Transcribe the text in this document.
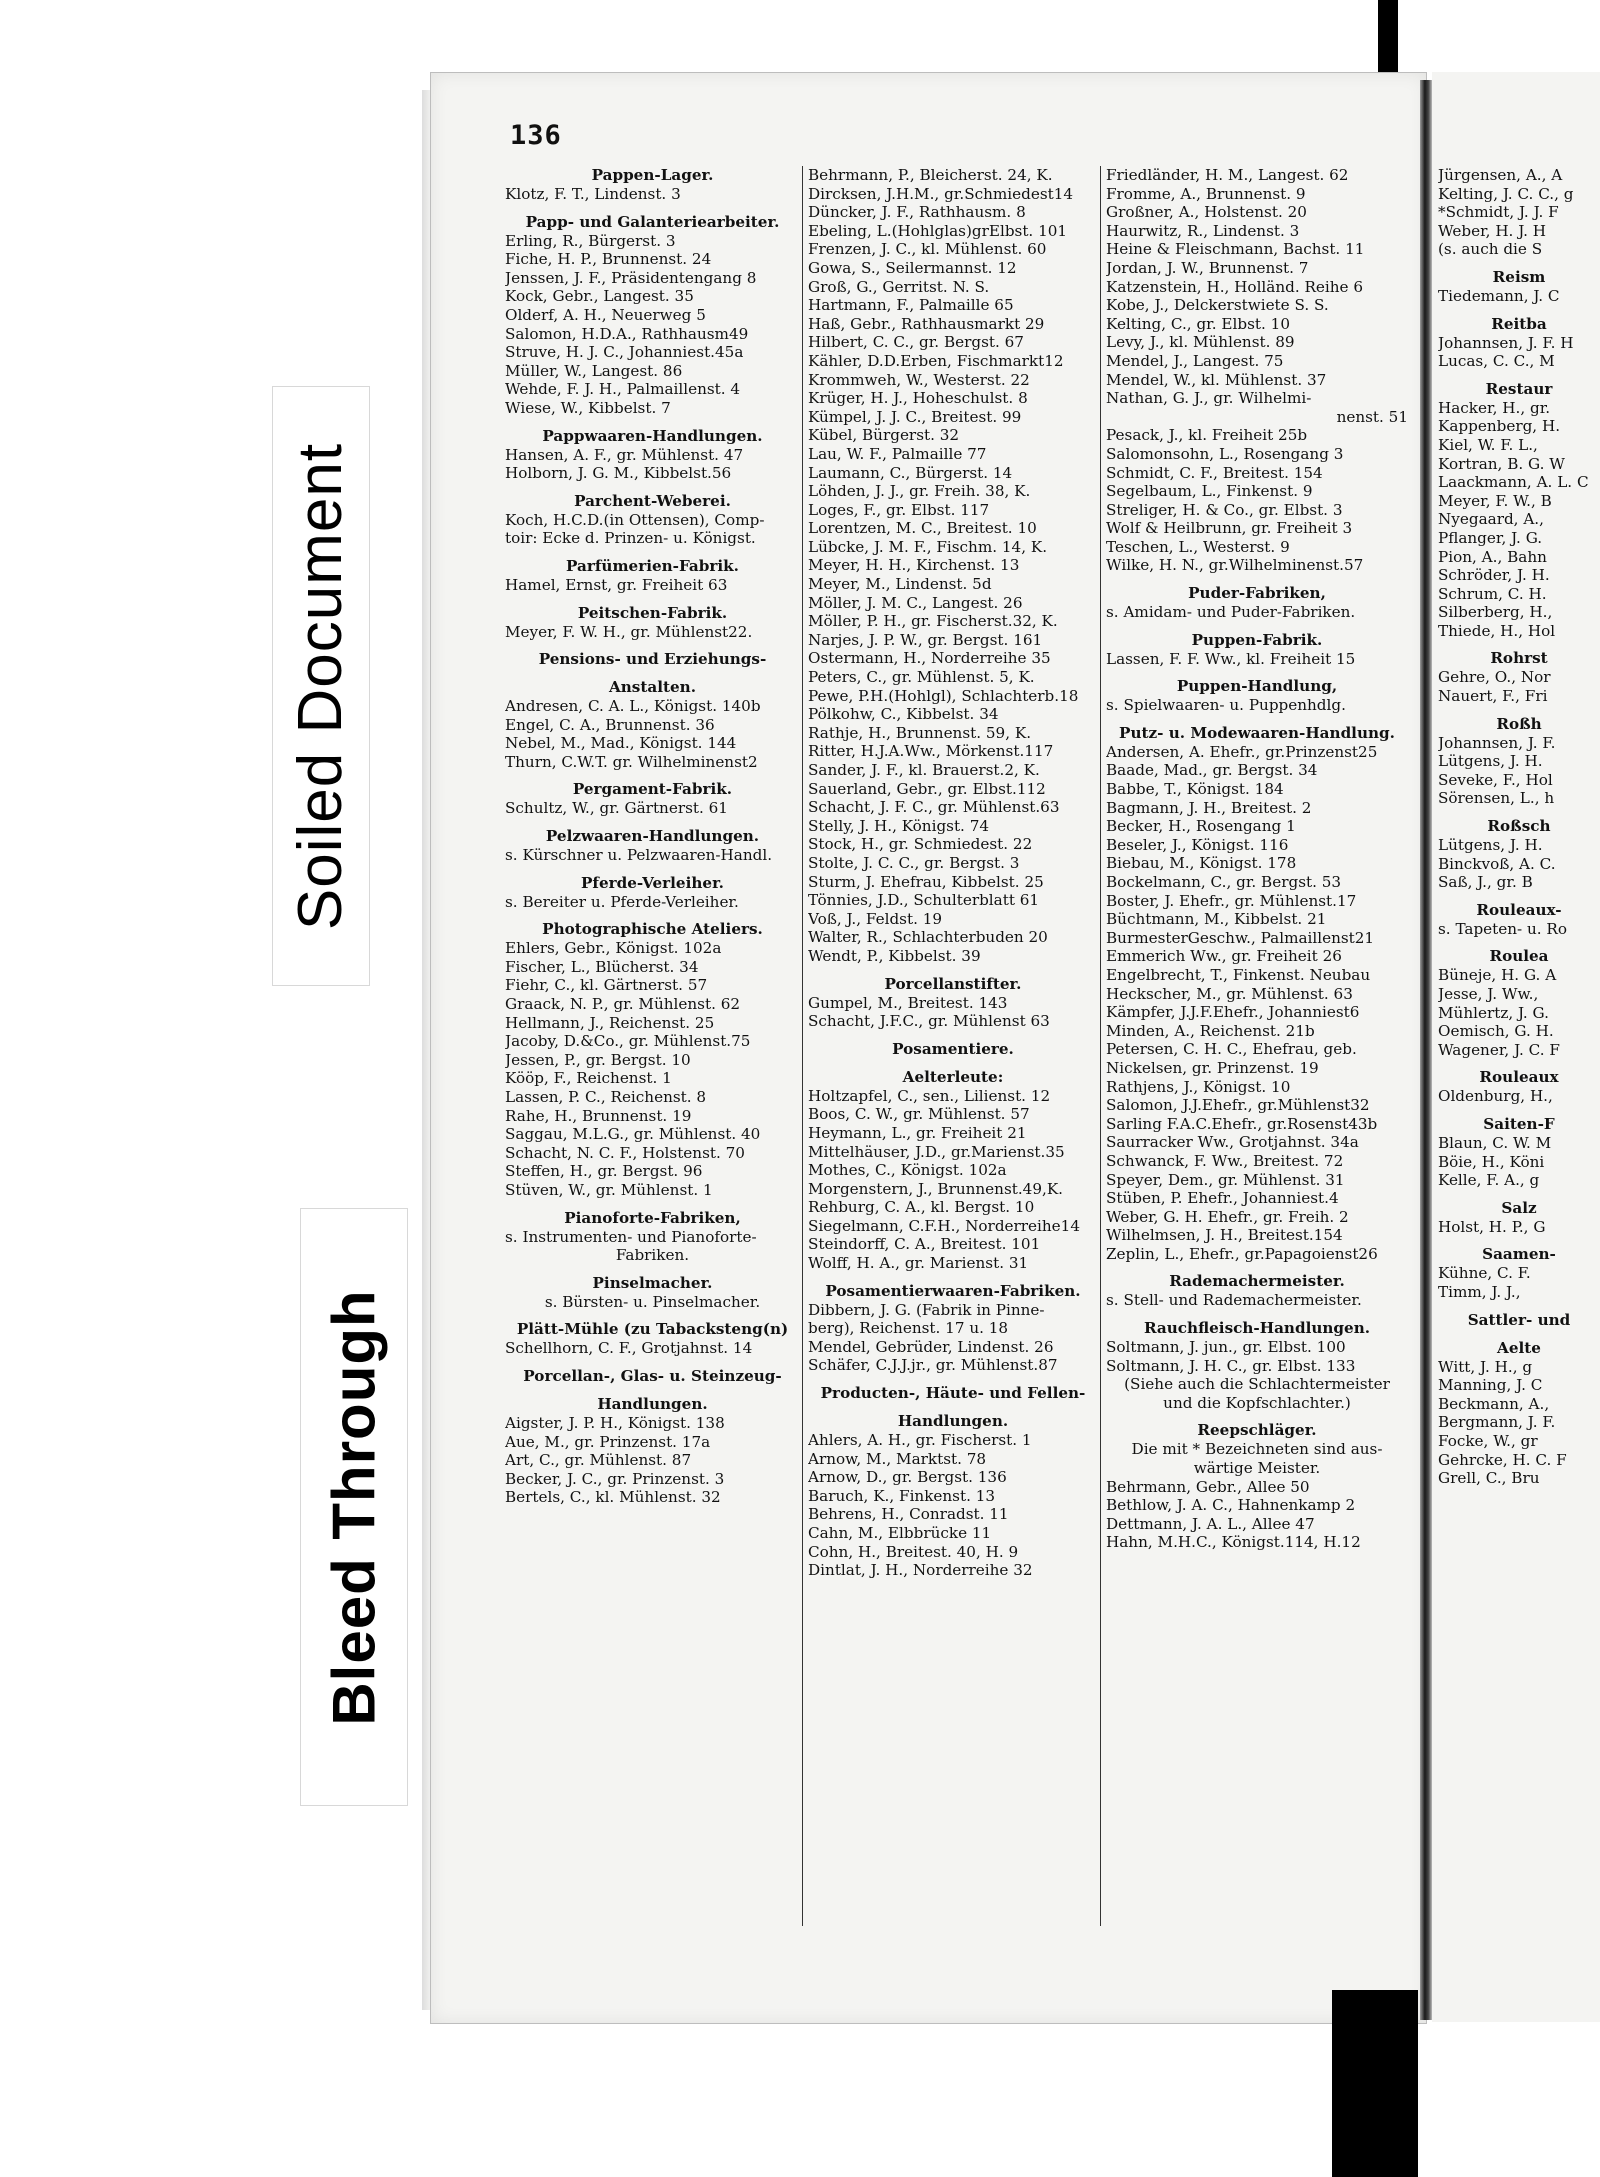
Jürgensen, A., A
Kelting, J. C. C., g
*Schmidt, J. J. F
Weber, H. J. H
(s. auch die S
Reism
Tiedemann, J. C
Reitba
Johannsen, J. F. H
Lucas, C. C., M
Restaur
Hacker, H., gr.
Kappenberg, H.
Kiel, W. F. L.,
Kortran, B. G. W
Laackmann, A. L. C
Meyer, F. W., B
Nyegaard, A.,
Pflanger, J. G.
Pion, A., Bahn
Schröder, J. H.
Schrum, C. H.
Silberberg, H.,
Thiede, H., Hol
Rohrst
Gehre, O., Nor
Nauert, F., Fri
Roßh
Johannsen, J. F.
Lütgens, J. H.
Seveke, F., Hol
Sörensen, L., h
Roßsch
Lütgens, J. H.
Binckvoß, A. C.
Saß, J., gr. B
Rouleaux-
s. Tapeten- u. Ro
Roulea
Büneje, H. G. A
Jesse, J. Ww.,
Mühlertz, J. G.
Oemisch, G. H.
Wagener, J. C. F
Rouleaux
Oldenburg, H.,
Saiten-F
Blaun, C. W. M
Böie, H., Köni
Kelle, F. A., g
Salz
Holst, H. P., G
Saamen-
Kühne, C. F.
Timm, J. J.,
Sattler- und
Aelte
Witt, J. H., g
Manning, J. C
Beckmann, A.,
Bergmann, J. F.
Focke, W., gr
Gehrcke, H. C. F
Grell, C., Bru
Soiled Document
Bleed Through
136
Pappen-Lager.
Klotz, F. T., Lindenst. 3
Papp- und Galanteriearbeiter.
Erling, R., Bürgerst. 3
Fiche, H. P., Brunnenst. 24
Jenssen, J. F., Präsidentengang 8
Kock, Gebr., Langest. 35
Olderf, A. H., Neuerweg 5
Salomon, H.D.A., Rathhausm49
Struve, H. J. C., Johanniest.45a
Müller, W., Langest. 86
Wehde, F. J. H., Palmaillenst. 4
Wiese, W., Kibbelst. 7
Pappwaaren-Handlungen.
Hansen, A. F., gr. Mühlenst. 47
Holborn, J. G. M., Kibbelst.56
Parchent-Weberei.
Koch, H.C.D.(in Ottensen), Comp-
toir: Ecke d. Prinzen- u. Königst.
Parfümerien-Fabrik.
Hamel, Ernst, gr. Freiheit 63
Peitschen-Fabrik.
Meyer, F. W. H., gr. Mühlenst22.
Pensions- und Erziehungs-
Anstalten.
Andresen, C. A. L., Königst. 140b
Engel, C. A., Brunnenst. 36
Nebel, M., Mad., Königst. 144
Thurn, C.W.T. gr. Wilhelminenst2
Pergament-Fabrik.
Schultz, W., gr. Gärtnerst. 61
Pelzwaaren-Handlungen.
s. Kürschner u. Pelzwaaren-Handl.
Pferde-Verleiher.
s. Bereiter u. Pferde-Verleiher.
Photographische Ateliers.
Ehlers, Gebr., Königst. 102a
Fischer, L., Blücherst. 34
Fiehr, C., kl. Gärtnerst. 57
Graack, N. P., gr. Mühlenst. 62
Hellmann, J., Reichenst. 25
Jacoby, D.&Co., gr. Mühlenst.75
Jessen, P., gr. Bergst. 10
Kööp, F., Reichenst. 1
Lassen, P. C., Reichenst. 8
Rahe, H., Brunnenst. 19
Saggau, M.L.G., gr. Mühlenst. 40
Schacht, N. C. F., Holstenst. 70
Steffen, H., gr. Bergst. 96
Stüven, W., gr. Mühlenst. 1
Pianoforte-Fabriken,
s. Instrumenten- und Pianoforte-
Fabriken.
Pinselmacher.
s. Bürsten- u. Pinselmacher.
Plätt-Mühle (zu Tabacksteng(n)
Schellhorn, C. F., Grotjahnst. 14
Porcellan-, Glas- u. Steinzeug-
Handlungen.
Aigster, J. P. H., Königst. 138
Aue, M., gr. Prinzenst. 17a
Art, C., gr. Mühlenst. 87
Becker, J. C., gr. Prinzenst. 3
Bertels, C., kl. Mühlenst. 32
Behrmann, P., Bleicherst. 24, K.
Dircksen, J.H.M., gr.Schmiedest14
Düncker, J. F., Rathhausm. 8
Ebeling, L.(Hohlglas)grElbst. 101
Frenzen, J. C., kl. Mühlenst. 60
Gowa, S., Seilermannst. 12
Groß, G., Gerritst. N. S.
Hartmann, F., Palmaille 65
Haß, Gebr., Rathhausmarkt 29
Hilbert, C. C., gr. Bergst. 67
Kähler, D.D.Erben, Fischmarkt12
Krommweh, W., Westerst. 22
Krüger, H. J., Hoheschulst. 8
Kümpel, J. J. C., Breitest. 99
Kübel, Bürgerst. 32
Lau, W. F., Palmaille 77
Laumann, C., Bürgerst. 14
Löhden, J. J., gr. Freih. 38, K.
Loges, F., gr. Elbst. 117
Lorentzen, M. C., Breitest. 10
Lübcke, J. M. F., Fischm. 14, K.
Meyer, H. H., Kirchenst. 13
Meyer, M., Lindenst. 5d
Möller, J. M. C., Langest. 26
Möller, P. H., gr. Fischerst.32, K.
Narjes, J. P. W., gr. Bergst. 161
Ostermann, H., Norderreihe 35
Peters, C., gr. Mühlenst. 5, K.
Pewe, P.H.(Hohlgl), Schlachterb.18
Pölkohw, C., Kibbelst. 34
Rathje, H., Brunnenst. 59, K.
Ritter, H.J.A.Ww., Mörkenst.117
Sander, J. F., kl. Brauerst.2, K.
Sauerland, Gebr., gr. Elbst.112
Schacht, J. F. C., gr. Mühlenst.63
Stelly, J. H., Königst. 74
Stock, H., gr. Schmiedest. 22
Stolte, J. C. C., gr. Bergst. 3
Sturm, J. Ehefrau, Kibbelst. 25
Tönnies, J.D., Schulterblatt 61
Voß, J., Feldst. 19
Walter, R., Schlachterbuden 20
Wendt, P., Kibbelst. 39
Porcellanstifter.
Gumpel, M., Breitest. 143
Schacht, J.F.C., gr. Mühlenst 63
Posamentiere.
Aelterleute:
Holtzapfel, C., sen., Lilienst. 12
Boos, C. W., gr. Mühlenst. 57
Heymann, L., gr. Freiheit 21
Mittelhäuser, J.D., gr.Marienst.35
Mothes, C., Königst. 102a
Morgenstern, J., Brunnenst.49,K.
Rehburg, C. A., kl. Bergst. 10
Siegelmann, C.F.H., Norderreihe14
Steindorff, C. A., Breitest. 101
Wolff, H. A., gr. Marienst. 31
Posamentierwaaren-Fabriken.
Dibbern, J. G. (Fabrik in Pinne-
berg), Reichenst. 17 u. 18
Mendel, Gebrüder, Lindenst. 26
Schäfer, C.J.J.jr., gr. Mühlenst.87
Producten-, Häute- und Fellen-
Handlungen.
Ahlers, A. H., gr. Fischerst. 1
Arnow, M., Marktst. 78
Arnow, D., gr. Bergst. 136
Baruch, K., Finkenst. 13
Behrens, H., Conradst. 11
Cahn, M., Elbbrücke 11
Cohn, H., Breitest. 40, H. 9
Dintlat, J. H., Norderreihe 32
Friedländer, H. M., Langest. 62
Fromme, A., Brunnenst. 9
Großner, A., Holstenst. 20
Haurwitz, R., Lindenst. 3
Heine & Fleischmann, Bachst. 11
Jordan, J. W., Brunnenst. 7
Katzenstein, H., Holländ. Reihe 6
Kobe, J., Delckerstwiete S. S.
Kelting, C., gr. Elbst. 10
Levy, J., kl. Mühlenst. 89
Mendel, J., Langest. 75
Mendel, W., kl. Mühlenst. 37
Nathan, G. J., gr. Wilhelmi-
nenst. 51
Pesack, J., kl. Freiheit 25b
Salomonsohn, L., Rosengang 3
Schmidt, C. F., Breitest. 154
Segelbaum, L., Finkenst. 9
Streliger, H. & Co., gr. Elbst. 3
Wolf & Heilbrunn, gr. Freiheit 3
Teschen, L., Westerst. 9
Wilke, H. N., gr.Wilhelminenst.57
Puder-Fabriken,
s. Amidam- und Puder-Fabriken.
Puppen-Fabrik.
Lassen, F. F. Ww., kl. Freiheit 15
Puppen-Handlung,
s. Spielwaaren- u. Puppenhdlg.
Putz- u. Modewaaren-Handlung.
Andersen, A. Ehefr., gr.Prinzenst25
Baade, Mad., gr. Bergst. 34
Babbe, T., Königst. 184
Bagmann, J. H., Breitest. 2
Becker, H., Rosengang 1
Beseler, J., Königst. 116
Biebau, M., Königst. 178
Bockelmann, C., gr. Bergst. 53
Boster, J. Ehefr., gr. Mühlenst.17
Büchtmann, M., Kibbelst. 21
BurmesterGeschw., Palmaillenst21
Emmerich Ww., gr. Freiheit 26
Engelbrecht, T., Finkenst. Neubau
Heckscher, M., gr. Mühlenst. 63
Kämpfer, J.J.F.Ehefr., Johanniest6
Minden, A., Reichenst. 21b
Petersen, C. H. C., Ehefrau, geb.
Nickelsen, gr. Prinzenst. 19
Rathjens, J., Königst. 10
Salomon, J.J.Ehefr., gr.Mühlenst32
Sarling F.A.C.Ehefr., gr.Rosenst43b
Saurracker Ww., Grotjahnst. 34a
Schwanck, F. Ww., Breitest. 72
Speyer, Dem., gr. Mühlenst. 31
Stüben, P. Ehefr., Johanniest.4
Weber, G. H. Ehefr., gr. Freih. 2
Wilhelmsen, J. H., Breitest.154
Zeplin, L., Ehefr., gr.Papagoienst26
Rademachermeister.
s. Stell- und Rademachermeister.
Rauchfleisch-Handlungen.
Soltmann, J. jun., gr. Elbst. 100
Soltmann, J. H. C., gr. Elbst. 133
(Siehe auch die Schlachtermeister
und die Kopfschlachter.)
Reepschläger.
Die mit * Bezeichneten sind aus-
wärtige Meister.
Behrmann, Gebr., Allee 50
Bethlow, J. A. C., Hahnenkamp 2
Dettmann, J. A. L., Allee 47
Hahn, M.H.C., Königst.114, H.12
